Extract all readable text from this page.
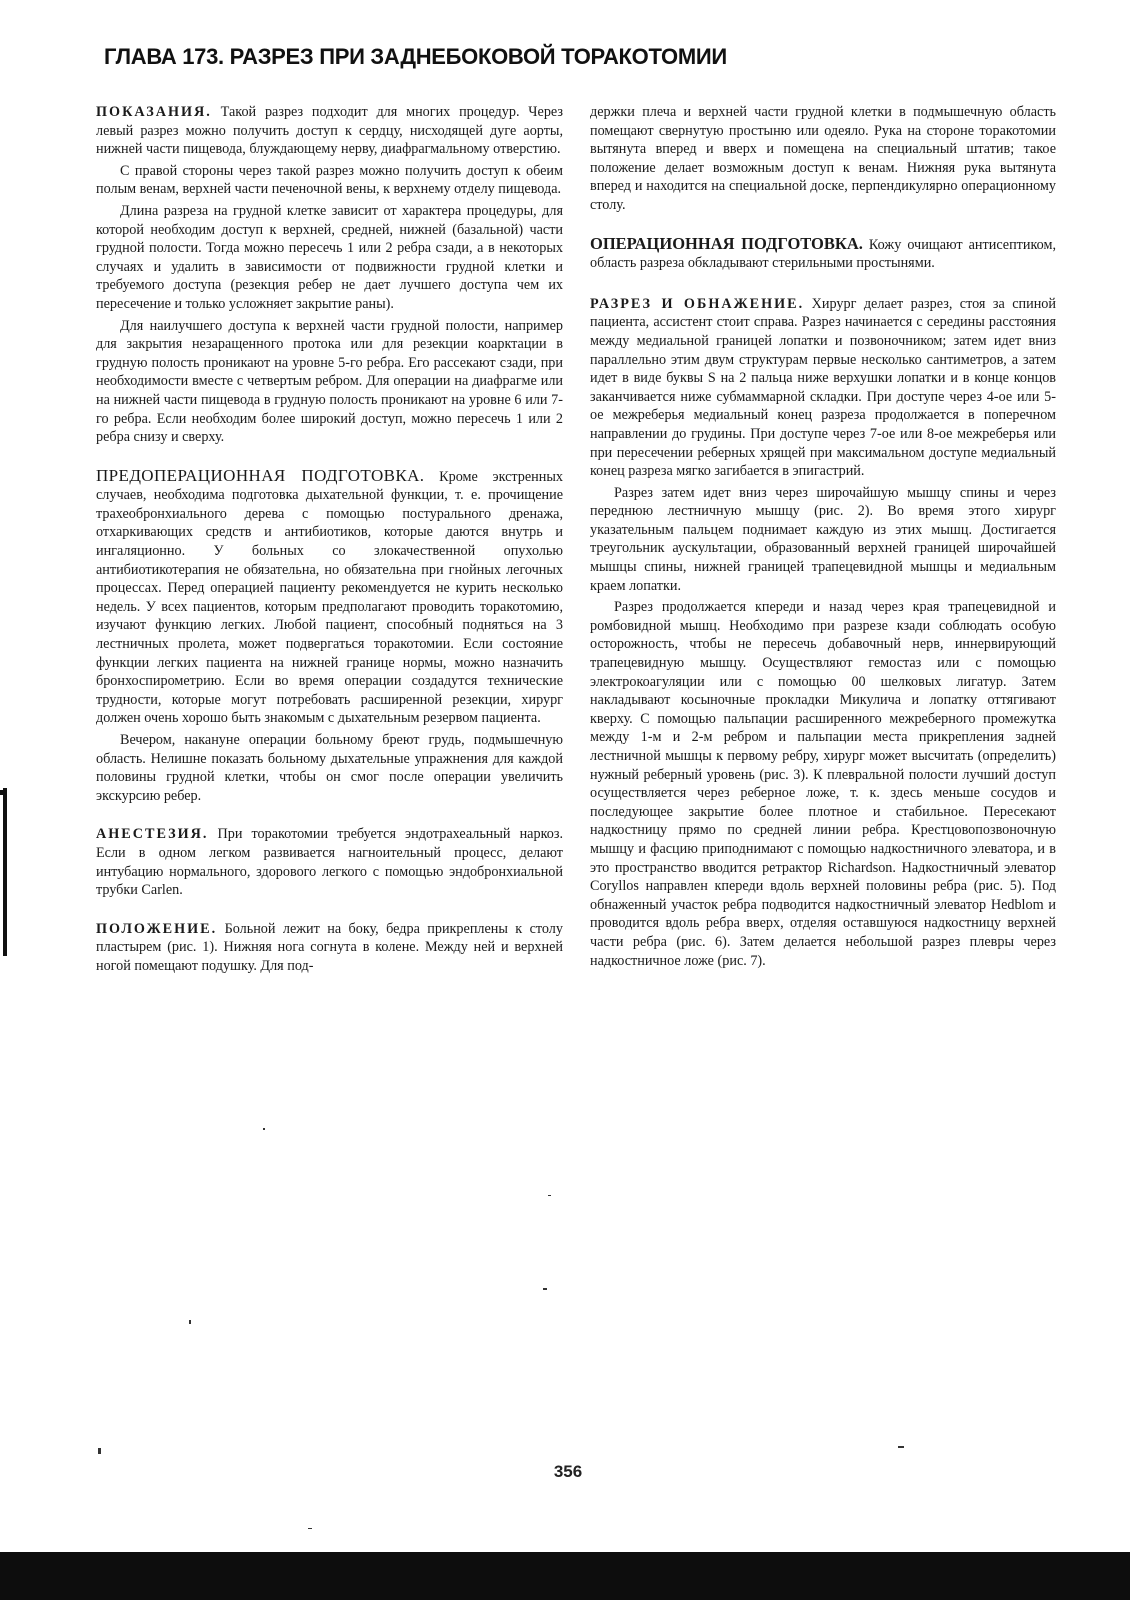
ГЛАВА 173. РАЗРЕЗ ПРИ ЗАДНЕБОКОВОЙ ТОРАКОТОМИИ

ПОКАЗАНИЯ. Такой разрез подходит для многих процедур. Через левый разрез можно получить доступ к сердцу, нисходящей дуге аорты, нижней части пищевода, блуждающему нерву, диафрагмальному отверстию.

С правой стороны через такой разрез можно получить доступ к обеим полым венам, верхней части печеночной вены, к верхнему отделу пищевода.

Длина разреза на грудной клетке зависит от характера процедуры, для которой необходим доступ к верхней, средней, нижней (базальной) части грудной полости. Тогда можно пересечь 1 или 2 ребра сзади, а в некоторых случаях и удалить в зависимости от подвижности грудной клетки и требуемого доступа (резекция ребер не дает лучшего доступа чем их пересечение и только усложняет закрытие раны).

Для наилучшего доступа к верхней части грудной полости, например для закрытия незаращенного протока или для резекции коарктации в грудную полость проникают на уровне 5-го ребра. Его рассекают сзади, при необходимости вместе с четвертым ребром. Для операции на диафрагме или на нижней части пищевода в грудную полость проникают на уровне 6 или 7-го ребра. Если необходим более широкий доступ, можно пересечь 1 или 2 ребра снизу и сверху.

ПРЕДОПЕРАЦИОННАЯ ПОДГОТОВКА. Кроме экстренных случаев, необходима подготовка дыхательной функции, т. е. прочищение трахеобронхиального дерева с помощью постурального дренажа, отхаркивающих средств и антибиотиков, которые даются внутрь и ингаляционно. У больных со злокачественной опухолью антибиотикотерапия не обязательна, но обязательна при гнойных легочных процессах. Перед операцией пациенту рекомендуется не курить несколько недель. У всех пациентов, которым предполагают проводить торакотомию, изучают функцию легких. Любой пациент, способный подняться на 3 лестничных пролета, может подвергаться торакотомии. Если состояние функции легких пациента на нижней границе нормы, можно назначить бронхоспирометрию. Если во время операции создадутся технические трудности, которые могут потребовать расширенной резекции, хирург должен очень хорошо быть знакомым с дыхательным резервом пациента.

Вечером, накануне операции больному бреют грудь, подмышечную область. Нелишне показать больному дыхательные упражнения для каждой половины грудной клетки, чтобы он смог после операции увеличить экскурсию ребер.

АНЕСТЕЗИЯ. При торакотомии требуется эндотрахеальный наркоз. Если в одном легком развивается нагноительный процесс, делают интубацию нормального, здорового легкого с помощью эндобронхиальной трубки Carlen.

ПОЛОЖЕНИЕ. Больной лежит на боку, бедра прикреплены к столу пластырем (рис. 1). Нижняя нога согнута в колене. Между ней и верхней ногой помещают подушку. Для под-

держки плеча и верхней части грудной клетки в подмышечную область помещают свернутую простыню или одеяло. Рука на стороне торакотомии вытянута вперед и вверх и помещена на специальный штатив; такое положение делает возможным доступ к венам. Нижняя рука вытянута вперед и находится на специальной доске, перпендикулярно операционному столу.

ОПЕРАЦИОННАЯ ПОДГОТОВКА. Кожу очищают антисептиком, область разреза обкладывают стерильными простынями.

РАЗРЕЗ И ОБНАЖЕНИЕ. Хирург делает разрез, стоя за спиной пациента, ассистент стоит справа. Разрез начинается с середины расстояния между медиальной границей лопатки и позвоночником; затем идет вниз параллельно этим двум структурам первые несколько сантиметров, а затем идет в виде буквы S на 2 пальца ниже верхушки лопатки и в конце концов заканчивается ниже субмаммарной складки. При доступе через 4-ое или 5-ое межреберья медиальный конец разреза продолжается в поперечном направлении до грудины. При доступе через 7-ое или 8-ое межреберья или при пересечении реберных хрящей при максимальном доступе медиальный конец разреза мягко загибается в эпигастрий.

Разрез затем идет вниз через широчайшую мышцу спины и через переднюю лестничную мышцу (рис. 2). Во время этого хирург указательным пальцем поднимает каждую из этих мышц. Достигается треугольник аускультации, образованный верхней границей широчайшей мышцы спины, нижней границей трапецевидной мышцы и медиальным краем лопатки.

Разрез продолжается кпереди и назад через края трапецевидной и ромбовидной мышц. Необходимо при разрезе кзади соблюдать особую осторожность, чтобы не пересечь добавочный нерв, иннервирующий трапецевидную мышцу. Осуществляют гемостаз или с помощью электрокоагуляции или с помощью 00 шелковых лигатур. Затем накладывают косыночные прокладки Микулича и лопатку оттягивают кверху. С помощью пальпации расширенного межреберного промежутка между 1-м и 2-м ребром и пальпации места прикрепления задней лестничной мышцы к первому ребру, хирург может высчитать (определить) нужный реберный уровень (рис. 3). К плевральной полости лучший доступ осуществляется через реберное ложе, т. к. здесь меньше сосудов и последующее закрытие более плотное и стабильное. Пересекают надкостницу прямо по средней линии ребра. Крестцовопозвоночную мышцу и фасцию приподнимают с помощью надкостничного элеватора, и в это пространство вводится ретрактор Richardson. Надкостничный элеватор Coryllos направлен кпереди вдоль верхней половины ребра (рис. 5). Под обнаженный участок ребра подводится надкостничный элеватор Hedblom и проводится вдоль ребра вверх, отделяя оставшуюся надкостницу верхней части ребра (рис. 6). Затем делается небольшой разрез плевры через надкостничное ложе (рис. 7).

356
